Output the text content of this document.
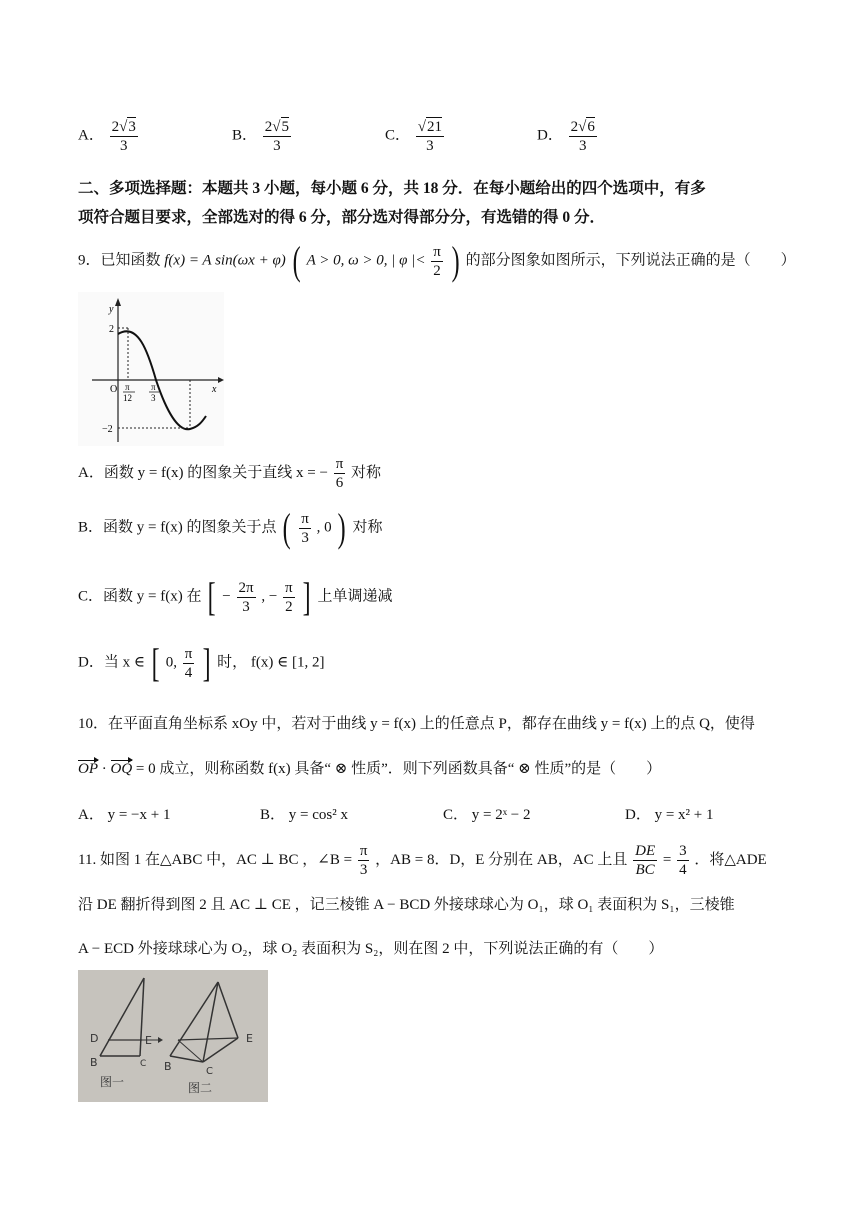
A． $\frac{2√3}{3}$	B． $\frac{2√5}{3}$	C． $\frac{√21}{3}$	D． $\frac{2√6}{3}$
二、多项选择题：本题共 3 小题，每小题 6 分，共 18 分．在每小题给出的四个选项中，有多
项符合题目要求，全部选对的得 6 分，部分选对得部分分，有选错的得 0 分．
9．已知函数 f(x) = A sin(ωx + φ) ( A > 0, ω > 0, | φ |< $\frac{\pi}{2}$ ) 的部分图象如图所示，下列说法正确的是（　　）
y
x
O
2
−2
π
12
π
3
A．函数 y = f(x) 的图象关于直线 x = − $\frac{\pi}{6}$ 对称
B．函数 y = f(x) 的图象关于点 ( $\frac{\pi}{3}$ , 0 ) 对称
C．函数 y = f(x) 在 [ − $\frac{2\pi}{3}$ , − $\frac{\pi}{2}$ ] 上单调递减
D．当 x ∈ [ 0, $\frac{\pi}{4}$ ] 时， f(x) ∈ [1, 2]
10．在平面直角坐标系 xOy 中，若对于曲线 y = f(x) 上的任意点 P，都存在曲线 y = f(x) 上的点 Q，使得
OP · OQ = 0 成立，则称函数 f(x) 具备“ ⊗ 性质”．则下列函数具备“ ⊗ 性质”的是（　　）
A． y = −x + 1	B． y = cos² x	C． y = 2ˣ − 2	D． y = x² + 1
11. 如图 1 在△ABC 中，AC ⊥ BC ，∠B = $\frac{\pi}{3}$ ，AB = 8．D，E 分别在 AB，AC 上且 $\frac{DE}{BC} = \frac{3}{4}$ ．将△ADE
沿 DE 翻折得到图 2 且 AC ⊥ CE ，记三棱锥 A − BCD 外接球球心为 O₁，球 O₁ 表面积为 S₁，三棱锥
A − ECD 外接球球心为 O₂，球 O₂ 表面积为 S₂，则在图 2 中，下列说法正确的有（　　）
D	E
B	C
图一
E
B	C
图二
